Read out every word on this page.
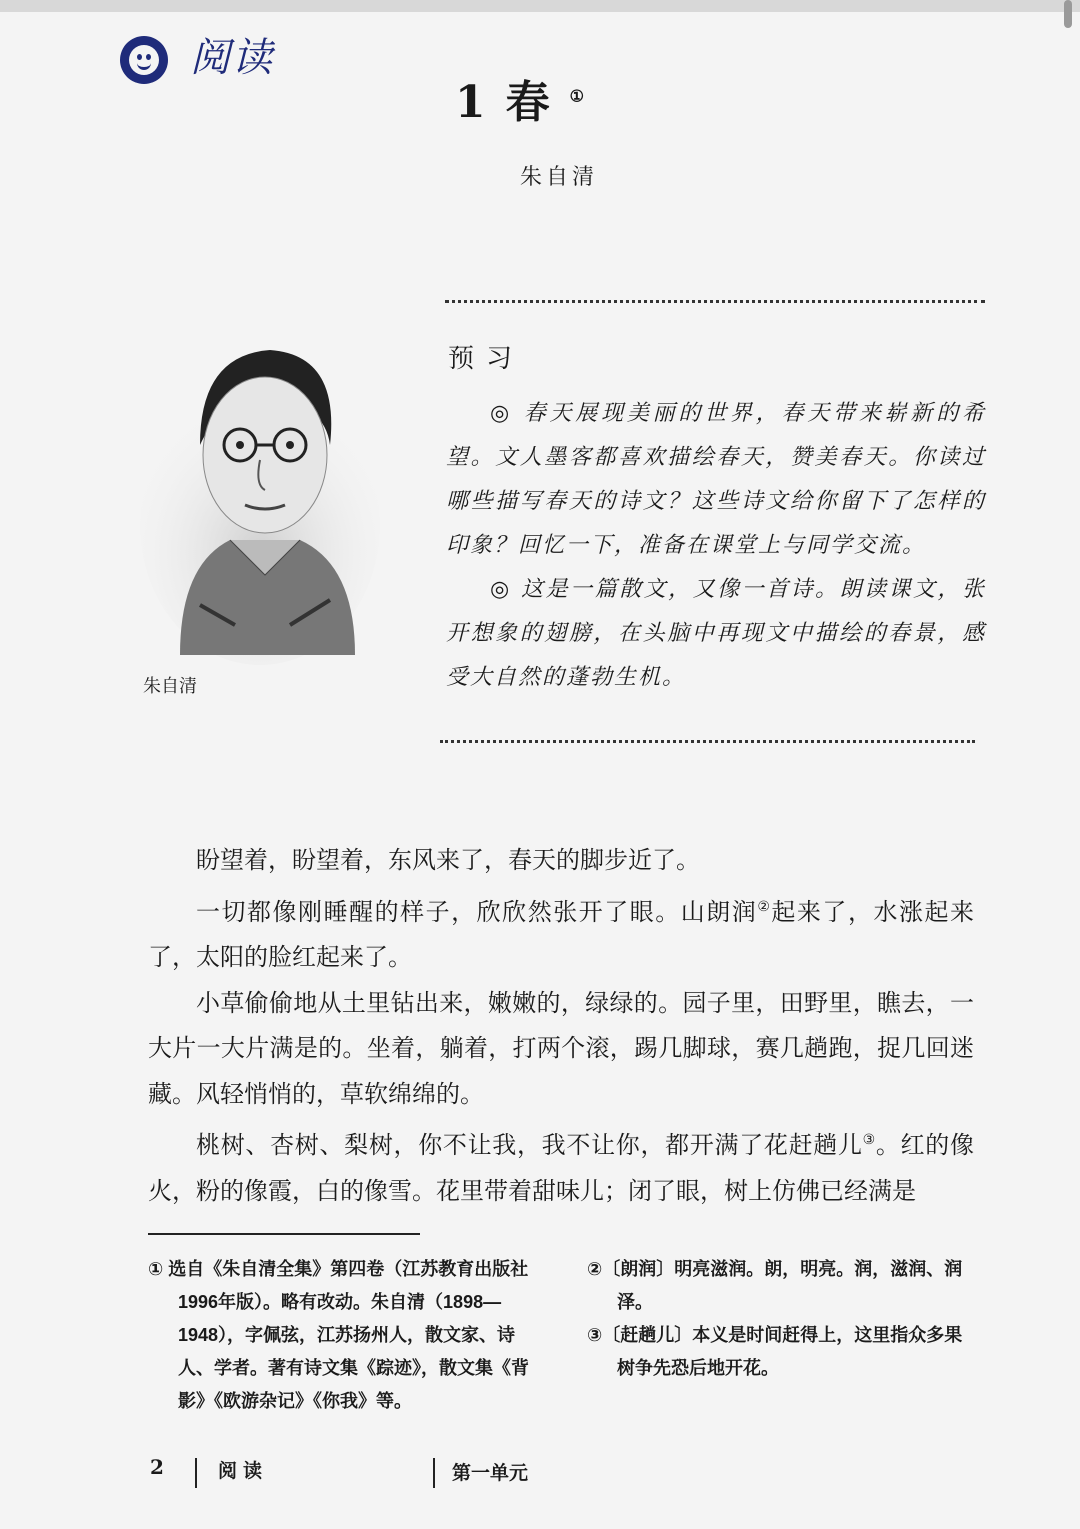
阅读
1春①
朱自清
朱自清
预习

◎ 春天展现美丽的世界，春天带来崭新的希望。文人墨客都喜欢描绘春天，赞美春天。你读过哪些描写春天的诗文？这些诗文给你留下了怎样的印象？回忆一下，准备在课堂上与同学交流。

◎ 这是一篇散文，又像一首诗。朗读课文，张开想象的翅膀，在头脑中再现文中描绘的春景，感受大自然的蓬勃生机。

盼望着，盼望着，东风来了，春天的脚步近了。

一切都像刚睡醒的样子，欣欣然张开了眼。山朗润②起来了，水涨起来了，太阳的脸红起来了。

小草偷偷地从土里钻出来，嫩嫩的，绿绿的。园子里，田野里，瞧去，一大片一大片满是的。坐着，躺着，打两个滚，踢几脚球，赛几趟跑，捉几回迷藏。风轻悄悄的，草软绵绵的。

桃树、杏树、梨树，你不让我，我不让你，都开满了花赶趟儿③。红的像火，粉的像霞，白的像雪。花里带着甜味儿；闭了眼，树上仿佛已经满是

① 选自《朱自清全集》第四卷（江苏教育出版社1996年版）。略有改动。朱自清（1898—1948），字佩弦，江苏扬州人，散文家、诗人、学者。著有诗文集《踪迹》，散文集《背影》《欧游杂记》《你我》等。

②〔朗润〕明亮滋润。朗，明亮。润，滋润、润泽。

③〔赶趟儿〕本义是时间赶得上，这里指众多果树争先恐后地开花。

2	阅读	第一单元
